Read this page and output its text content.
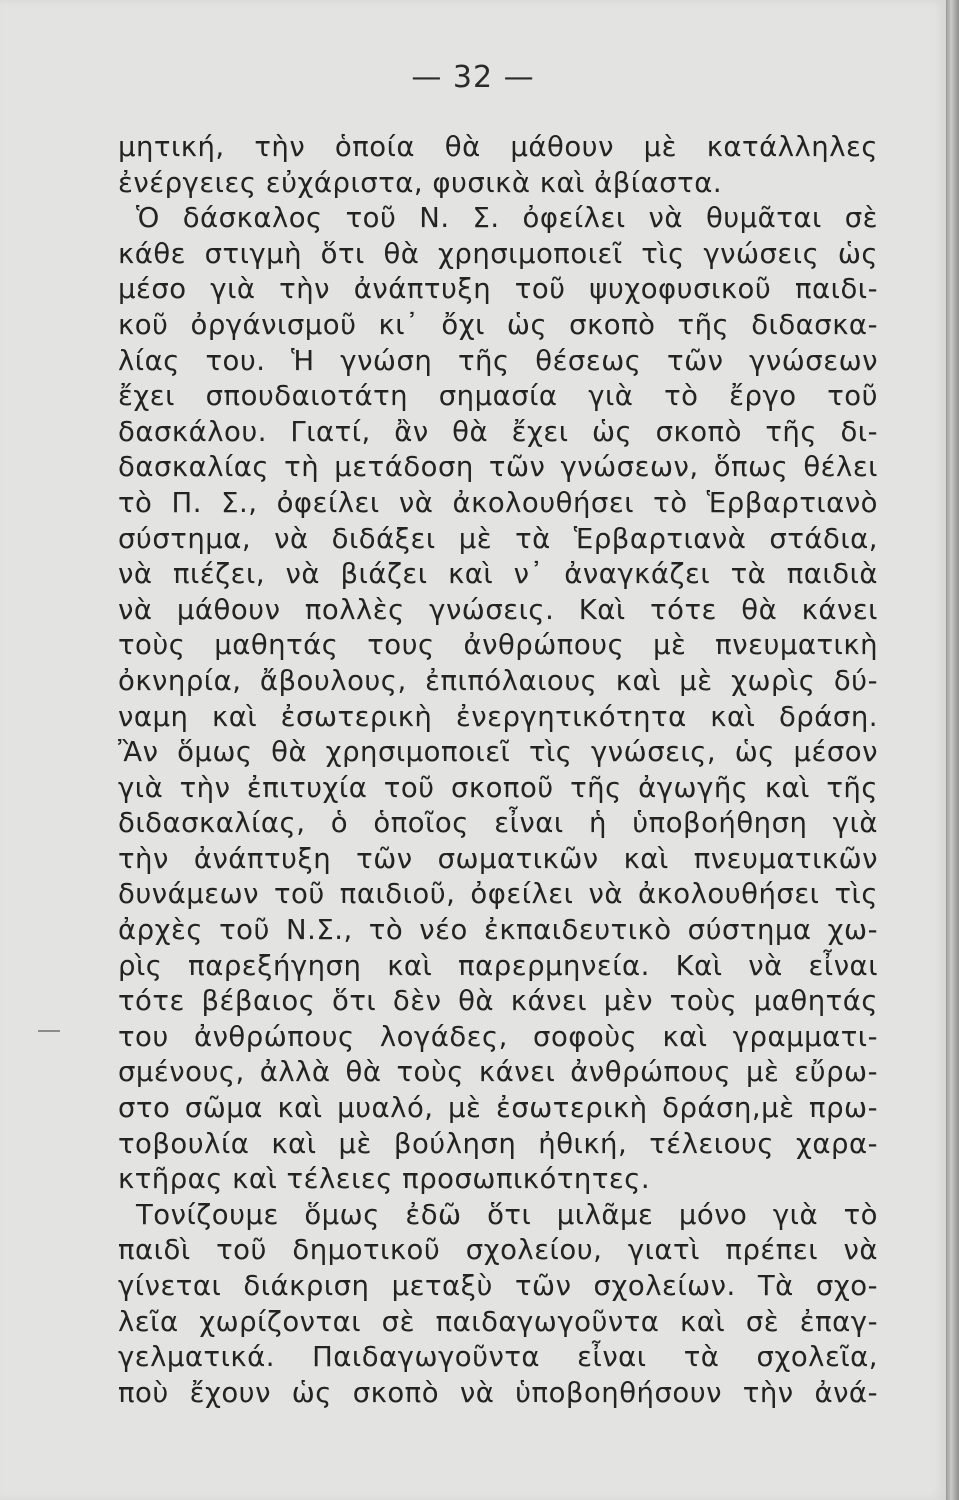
— 32 —
μητική, τὴν ὁποία θὰ μάθουν μὲ κατάλληλες
ἐνέργειες εὐχάριστα, φυσικὰ καὶ ἀβίαστα.
Ὁ δάσκαλος τοῦ Ν. Σ. ὀφείλει νὰ θυμᾶται σὲ
κάθε στιγμὴ ὅτι θὰ χρησιμοποιεῖ τὶς γνώσεις ὡς
μέσο γιὰ τὴν ἀνάπτυξη τοῦ ψυχοφυσικοῦ παιδι-
κοῦ ὀργάνισμοῦ κι᾿ ὄχι ὡς σκοπὸ τῆς διδασκα-
λίας του. Ἡ γνώση τῆς θέσεως τῶν γνώσεων
ἔχει σπουδαιοτάτη σημασία γιὰ τὸ ἔργο τοῦ
δασκάλου. Γιατί, ἂν θὰ ἔχει ὡς σκοπὸ τῆς δι-
δασκαλίας τὴ μετάδοση τῶν γνώσεων, ὅπως θέλει
τὸ Π. Σ., ὀφείλει νὰ ἀκολουθήσει τὸ Ἑρβαρτιανὸ
σύστημα, νὰ διδάξει μὲ τὰ Ἑρβαρτιανὰ στάδια,
νὰ πιέζει, νὰ βιάζει καὶ ν᾿ ἀναγκάζει τὰ παιδιὰ
νὰ μάθουν πολλὲς γνώσεις. Καὶ τότε θὰ κάνει
τοὺς μαθητάς τους ἀνθρώπους μὲ πνευματικὴ
ὀκνηρία, ἄβουλους, ἐπιπόλαιους καὶ μὲ χωρὶς δύ-
ναμη καὶ ἐσωτερικὴ ἐνεργητικότητα καὶ δράση.
Ἂν ὅμως θὰ χρησιμοποιεῖ τὶς γνώσεις, ὡς μέσον
γιὰ τὴν ἐπιτυχία τοῦ σκοποῦ τῆς ἀγωγῆς καὶ τῆς
διδασκαλίας, ὁ ὁποῖος εἶναι ἡ ὑποβοήθηση γιὰ
τὴν ἀνάπτυξη τῶν σωματικῶν καὶ πνευματικῶν
δυνάμεων τοῦ παιδιοῦ, ὀφείλει νὰ ἀκολουθήσει τὶς
ἀρχὲς τοῦ Ν.Σ., τὸ νέο ἐκπαιδευτικὸ σύστημα χω-
ρὶς παρεξήγηση καὶ παρερμηνεία. Καὶ νὰ εἶναι
τότε βέβαιος ὅτι δὲν θὰ κάνει μὲν τοὺς μαθητάς
του ἀνθρώπους λογάδες, σοφοὺς καὶ γραμματι-
σμένους, ἀλλὰ θὰ τοὺς κάνει ἀνθρώπους μὲ εὔρω-
στο σῶμα καὶ μυαλό, μὲ ἐσωτερικὴ δράση,μὲ πρω-
τοβουλία καὶ μὲ βούληση ἠθική, τέλειους χαρα-
κτῆρας καὶ τέλειες προσωπικότητες.
Τονίζουμε ὅμως ἐδῶ ὅτι μιλᾶμε μόνο γιὰ τὸ
παιδὶ τοῦ δημοτικοῦ σχολείου, γιατὶ πρέπει νὰ
γίνεται διάκριση μεταξὺ τῶν σχολείων. Τὰ σχο-
λεῖα χωρίζονται σὲ παιδαγωγοῦντα καὶ σὲ ἐπαγ-
γελματικά. Παιδαγωγοῦντα εἶναι τὰ σχολεῖα,
ποὺ ἔχουν ὡς σκοπὸ νὰ ὑποβοηθήσουν τὴν ἀνά-
